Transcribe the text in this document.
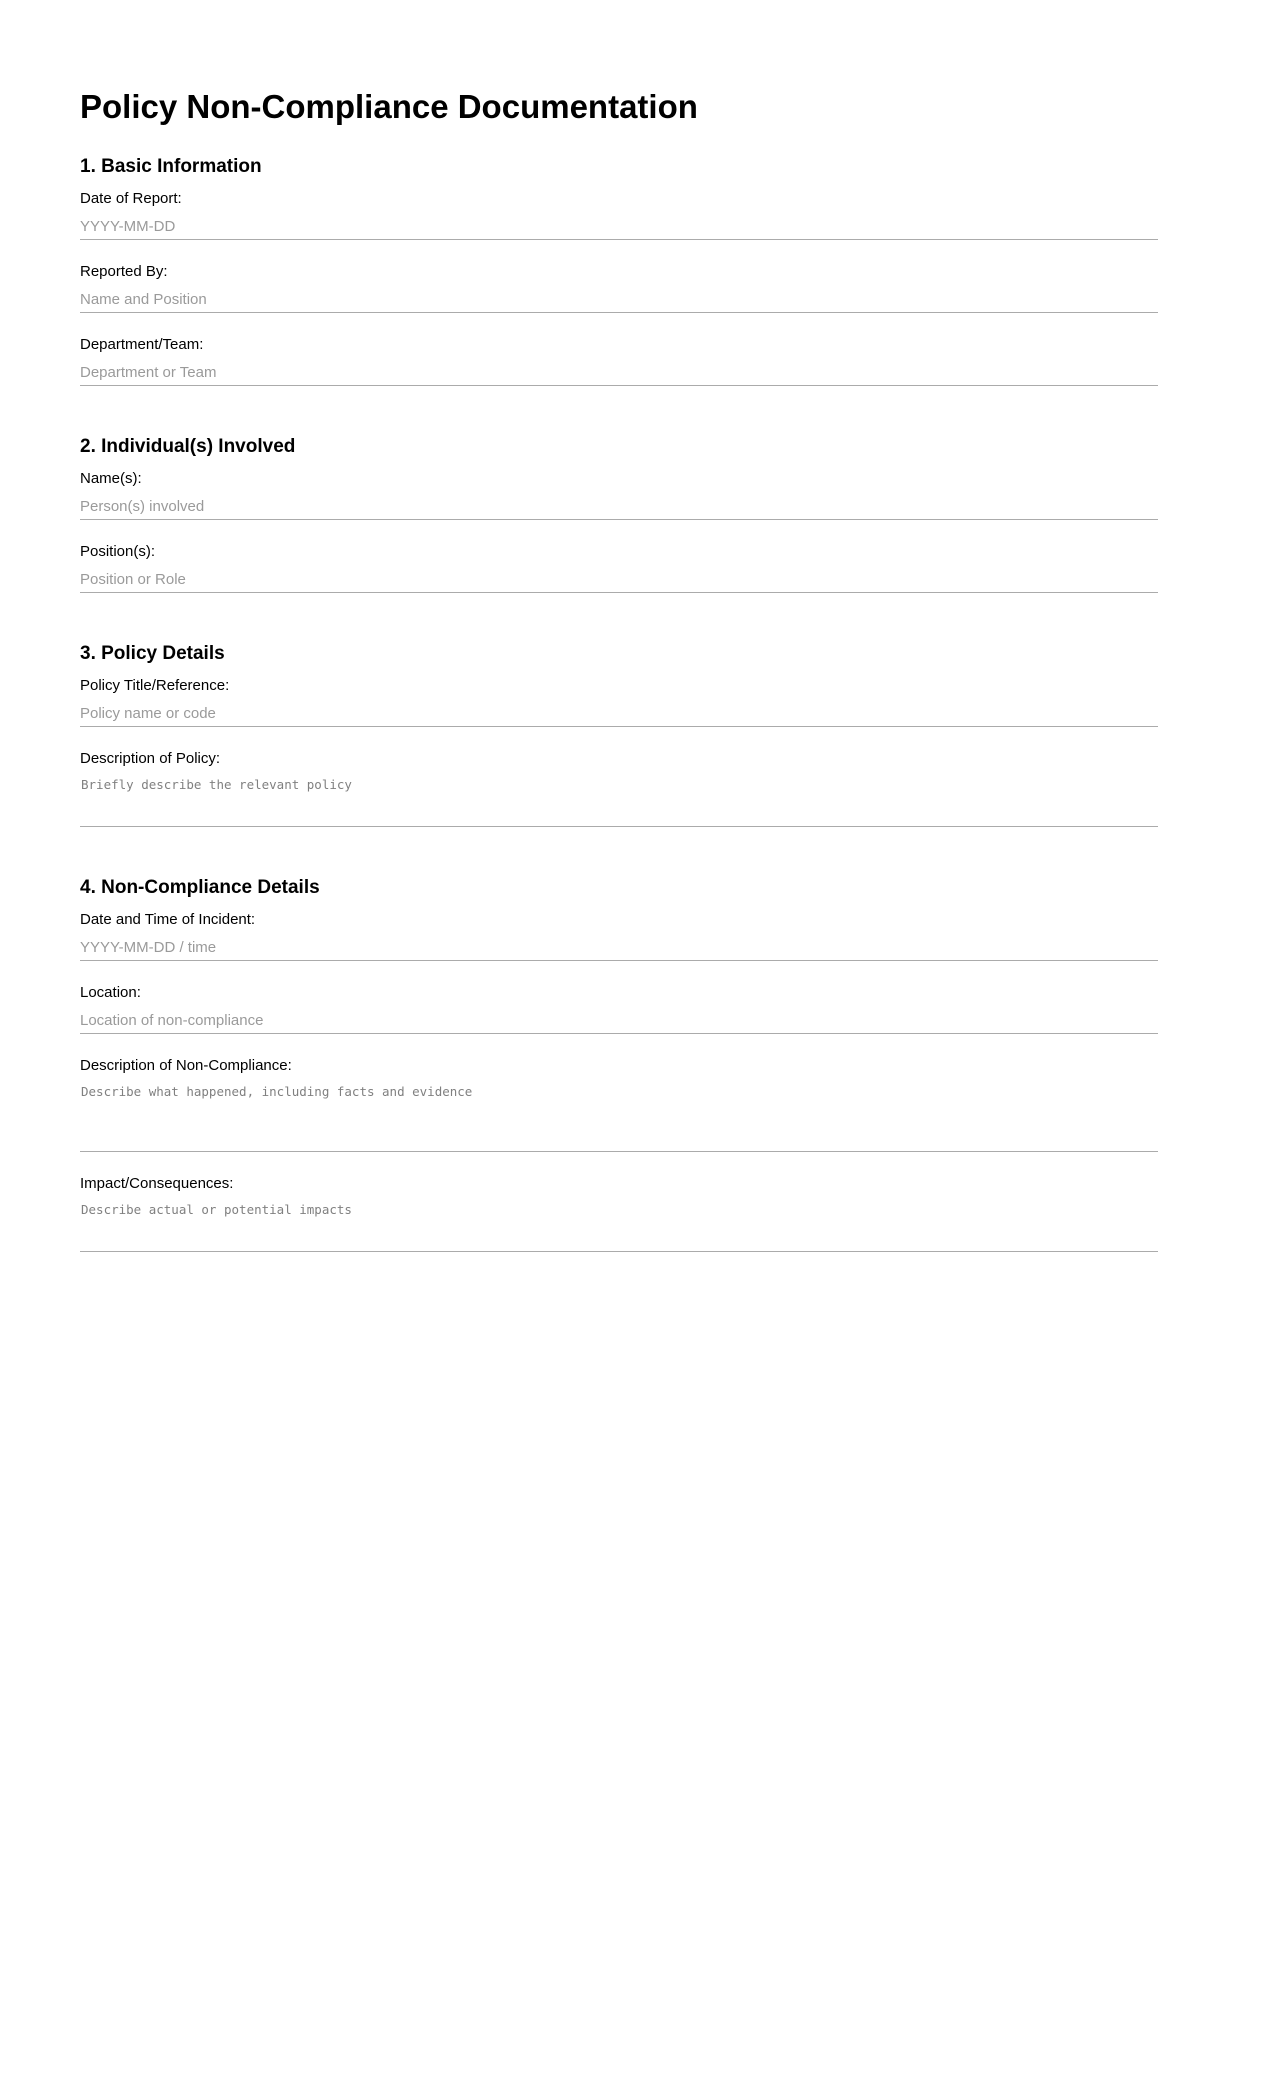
Policy Non-Compliance Documentation
1. Basic Information
Date of Report:
YYYY-MM-DD
Reported By:
Name and Position
Department/Team:
Department or Team
2. Individual(s) Involved
Name(s):
Person(s) involved
Position(s):
Position or Role
3. Policy Details
Policy Title/Reference:
Policy name or code
Description of Policy:
Briefly describe the relevant policy
4. Non-Compliance Details
Date and Time of Incident:
YYYY-MM-DD / time
Location:
Location of non-compliance
Description of Non-Compliance:
Describe what happened, including facts and evidence
Impact/Consequences:
Describe actual or potential impacts
